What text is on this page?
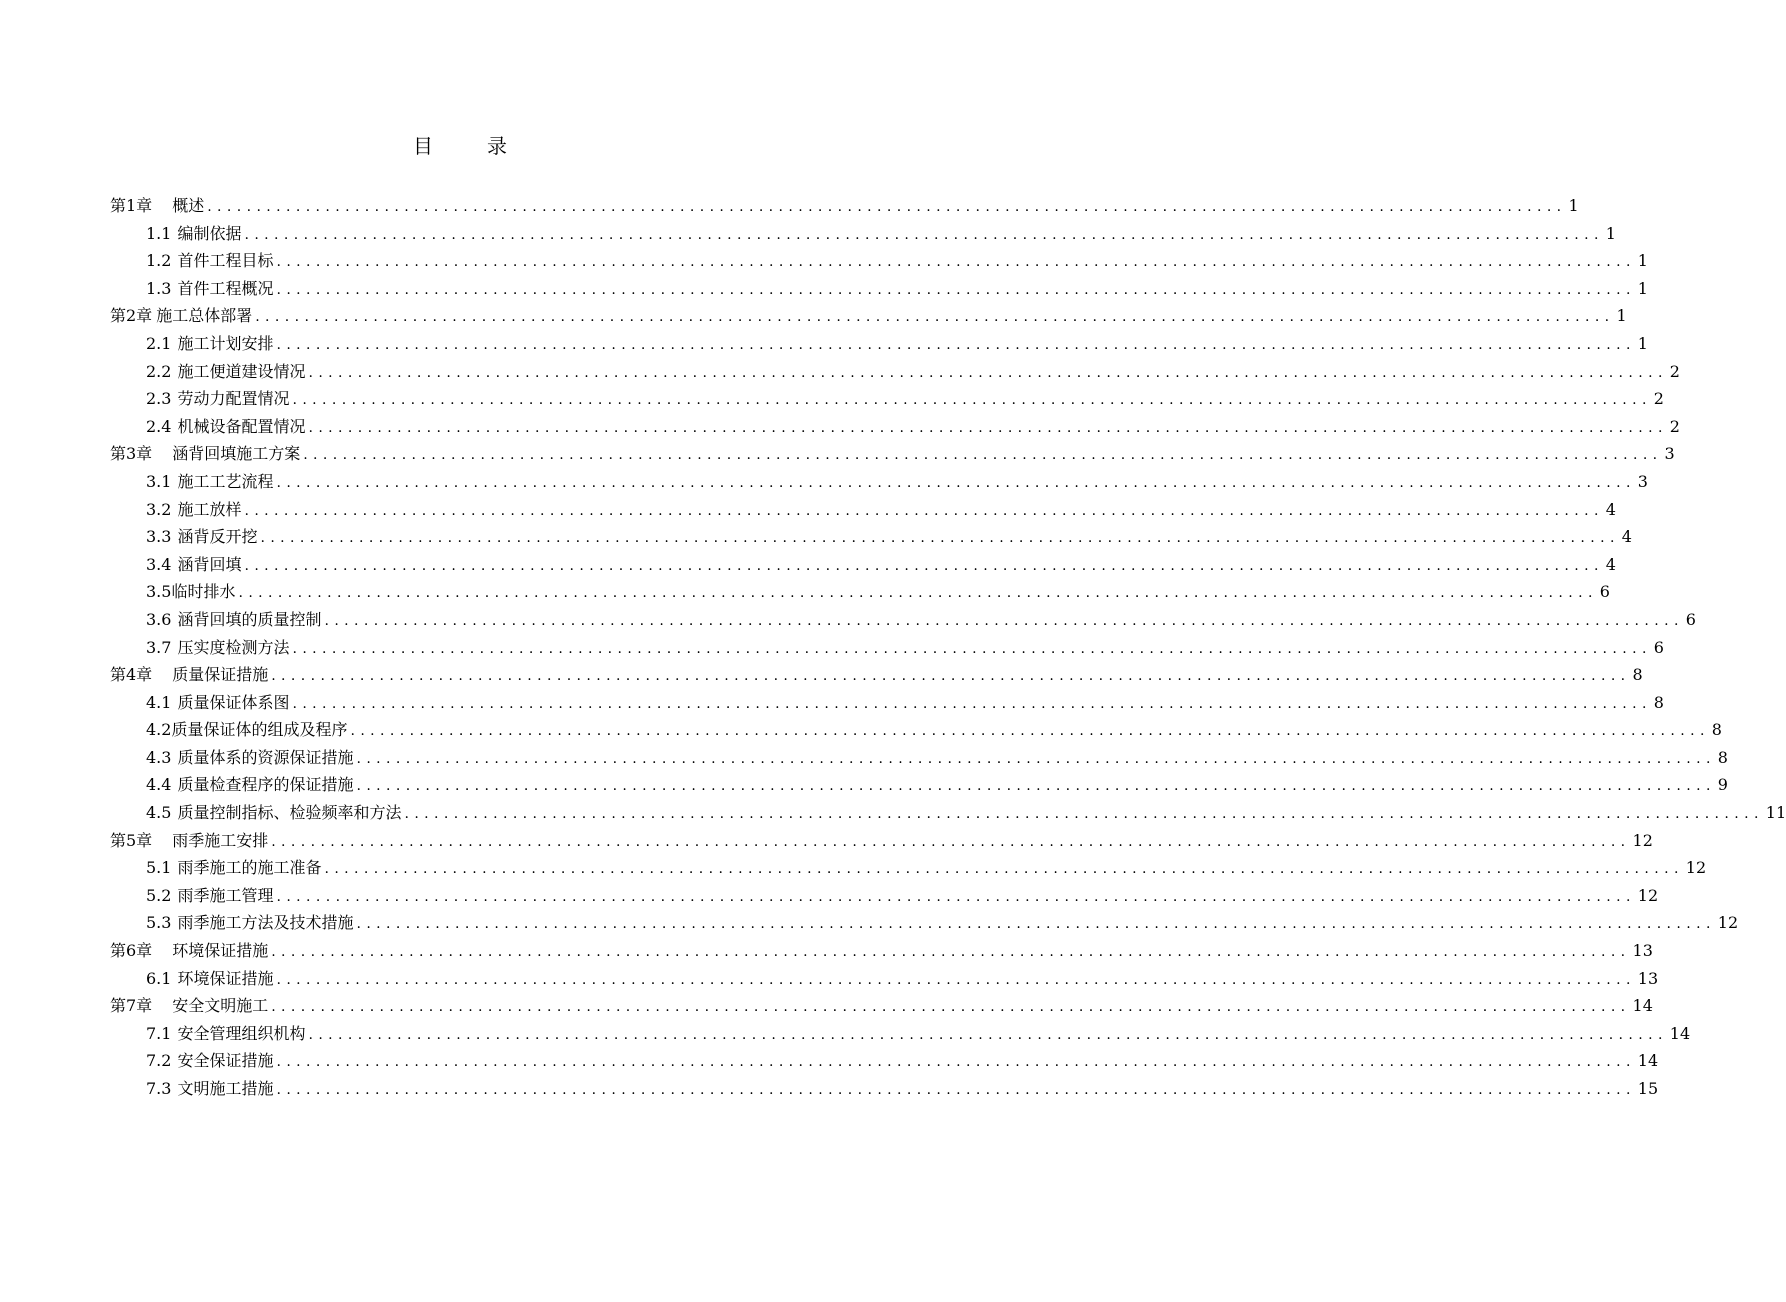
目录
第1章 概述 .......................................................................................................................................... 1
1.1 编制依据 .......................................................................................................................................... 1
1.2 首件工程目标 .......................................................................................................................................... 1
1.3 首件工程概况 .......................................................................................................................................... 1
第2章 施工总体部署 .......................................................................................................................................... 1
2.1 施工计划安排 .......................................................................................................................................... 1
2.2 施工便道建设情况 .......................................................................................................................................... 2
2.3 劳动力配置情况 .......................................................................................................................................... 2
2.4 机械设备配置情况 .......................................................................................................................................... 2
第3章 涵背回填施工方案 .......................................................................................................................................... 3
3.1 施工工艺流程 .......................................................................................................................................... 3
3.2 施工放样 .......................................................................................................................................... 4
3.3 涵背反开挖 .......................................................................................................................................... 4
3.4 涵背回填 .......................................................................................................................................... 4
3.5 临时排水 .......................................................................................................................................... 6
3.6 涵背回填的质量控制 .......................................................................................................................................... 6
3.7 压实度检测方法 .......................................................................................................................................... 6
第4章 质量保证措施 .......................................................................................................................................... 8
4.1 质量保证体系图 .......................................................................................................................................... 8
4.2 质量保证体的组成及程序 .......................................................................................................................................... 8
4.3 质量体系的资源保证措施 .......................................................................................................................................... 8
4.4 质量检查程序的保证措施 .......................................................................................................................................... 9
4.5 质量控制指标、检验频率和方法 .......................................................................................................................................... 11
第5章 雨季施工安排 .......................................................................................................................................... 12
5.1 雨季施工的施工准备 .......................................................................................................................................... 12
5.2 雨季施工管理 .......................................................................................................................................... 12
5.3 雨季施工方法及技术措施 .......................................................................................................................................... 12
第6章 环境保证措施 .......................................................................................................................................... 13
6.1 环境保证措施 .......................................................................................................................................... 13
第7章 安全文明施工 .......................................................................................................................................... 14
7.1 安全管理组织机构 .......................................................................................................................................... 14
7.2 安全保证措施 .......................................................................................................................................... 14
7.3 文明施工措施 .......................................................................................................................................... 15
